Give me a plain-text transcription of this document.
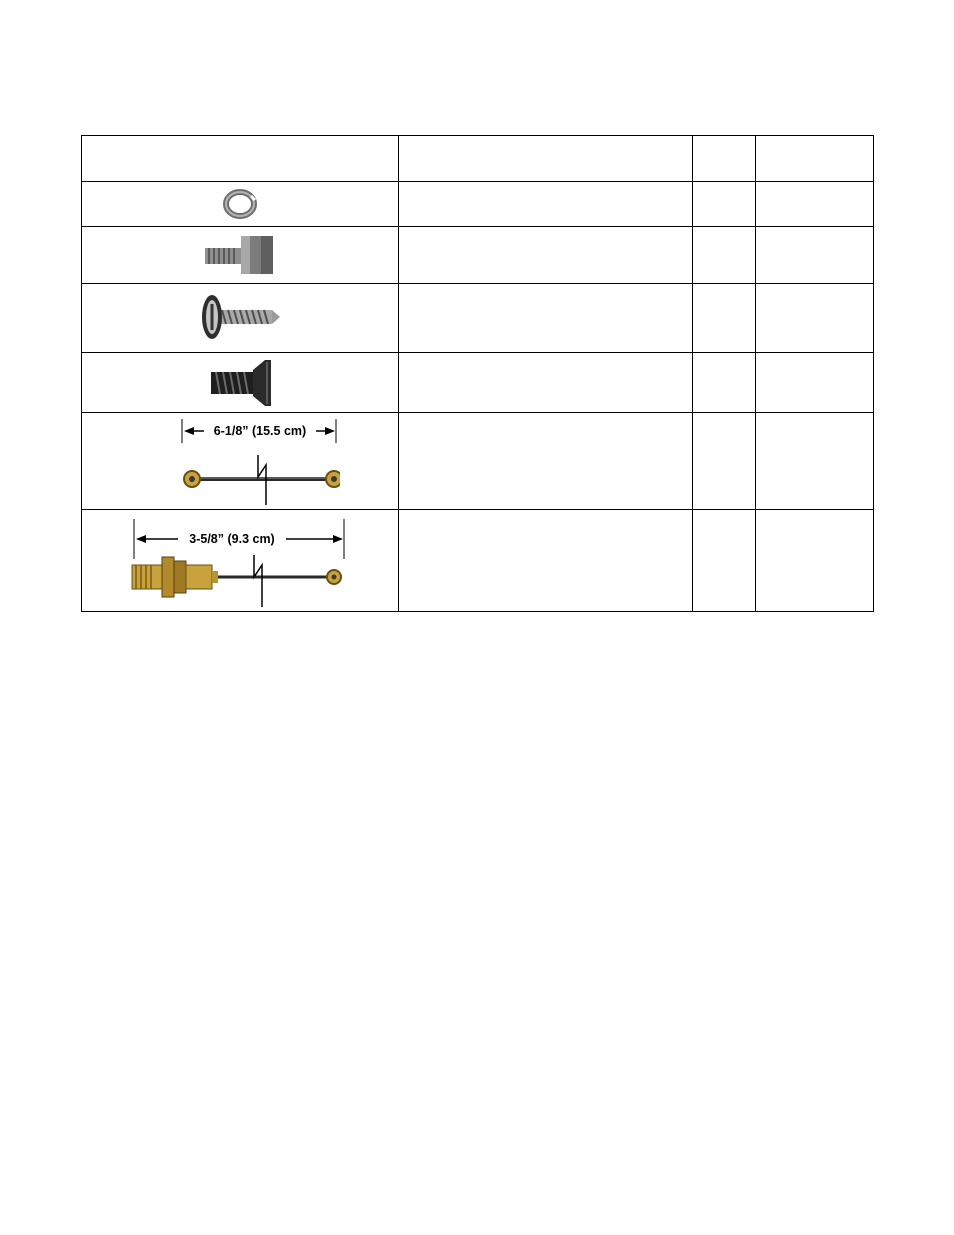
6-1/8” (15.5 cm)			

3-5/8” (9.3 cm)			
